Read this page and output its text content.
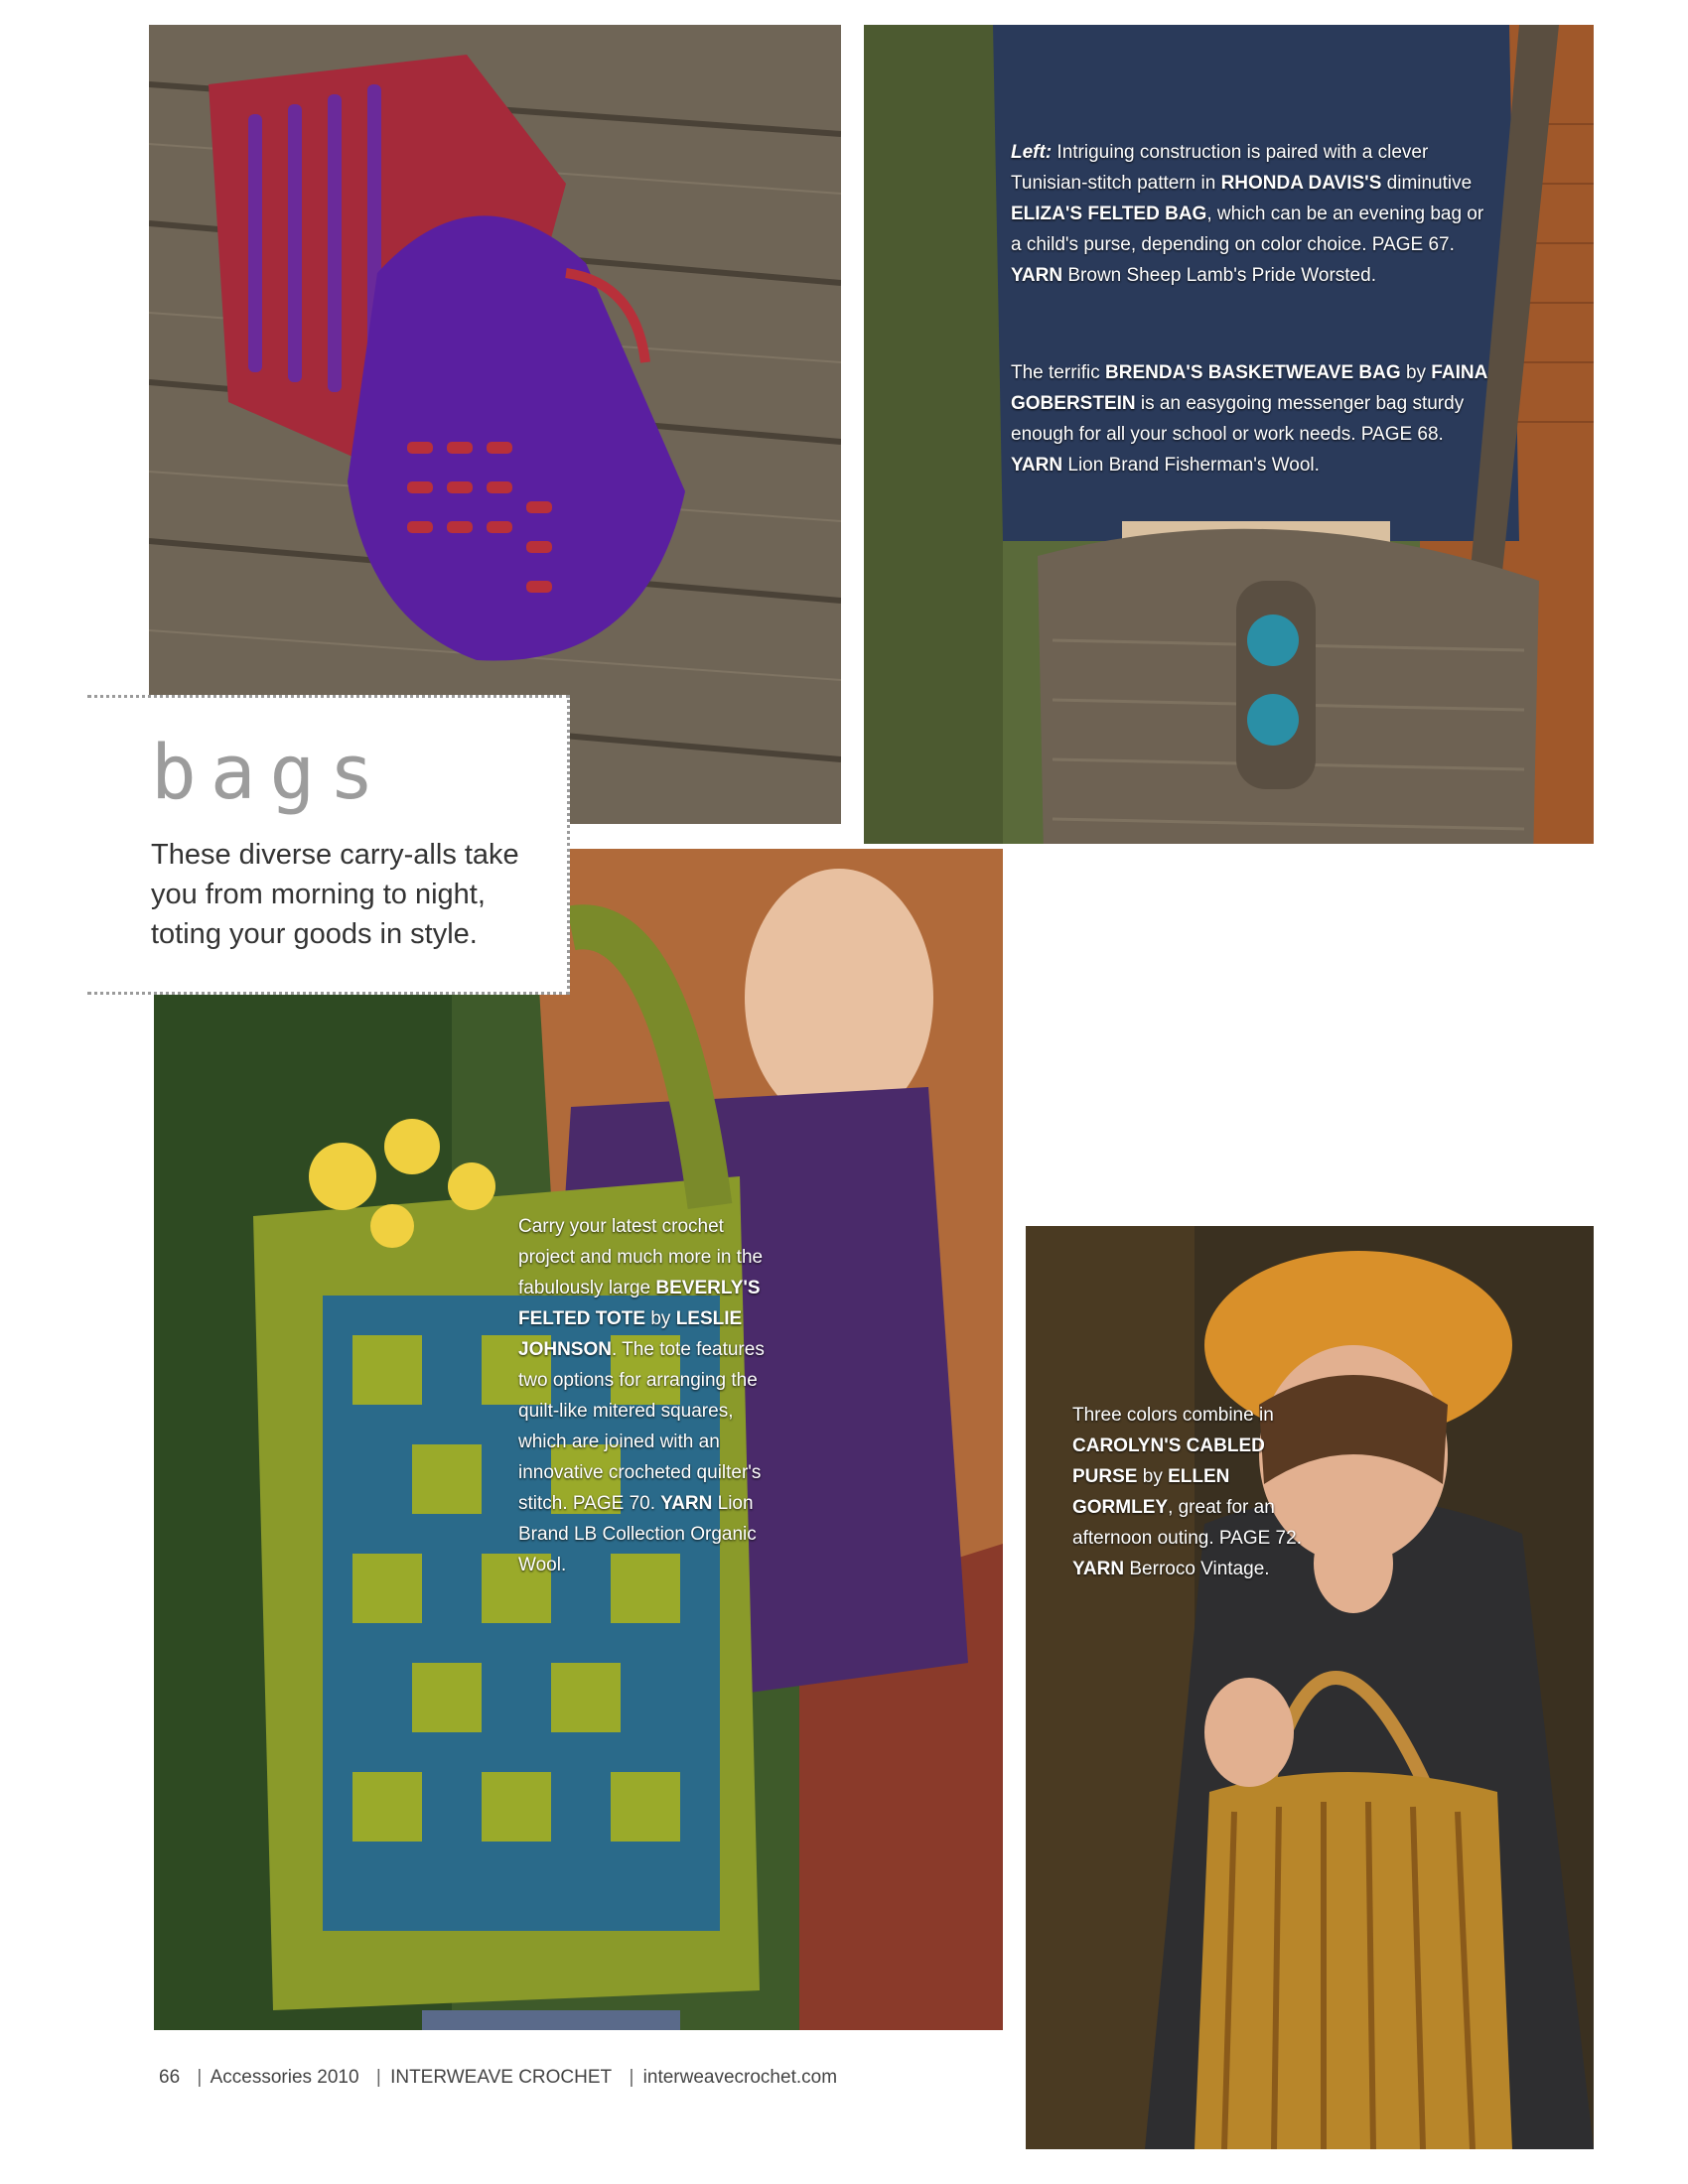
Left: Intriguing construction is paired with a clever Tunisian-stitch pattern in RHONDA DAVIS'S diminutive ELIZA'S FELTED BAG, which can be an evening bag or a child's purse, depending on color choice. PAGE 67. YARN Brown Sheep Lamb's Pride Worsted.
The terrific BRENDA'S BASKETWEAVE BAG by FAINA GOBERSTEIN is an easygoing messenger bag sturdy enough for all your school or work needs. PAGE 68. YARN Lion Brand Fisherman's Wool.
Carry your latest crochet project and much more in the fabulously large BEVERLY'S FELTED TOTE by LESLIE JOHNSON. The tote features two options for arranging the quilt-like mitered squares, which are joined with an innovative crocheted quilter's stitch. PAGE 70. YARN Lion Brand LB Collection Organic Wool.
Three colors combine in CAROLYN'S CABLED PURSE by ELLEN GORMLEY, great for an afternoon outing. PAGE 72. YARN Berroco Vintage.
bags
These diverse carry-alls take you from morning to night, toting your goods in style.
66 | Accessories 2010 | INTERWEAVE CROCHET | interweavecrochet.com
